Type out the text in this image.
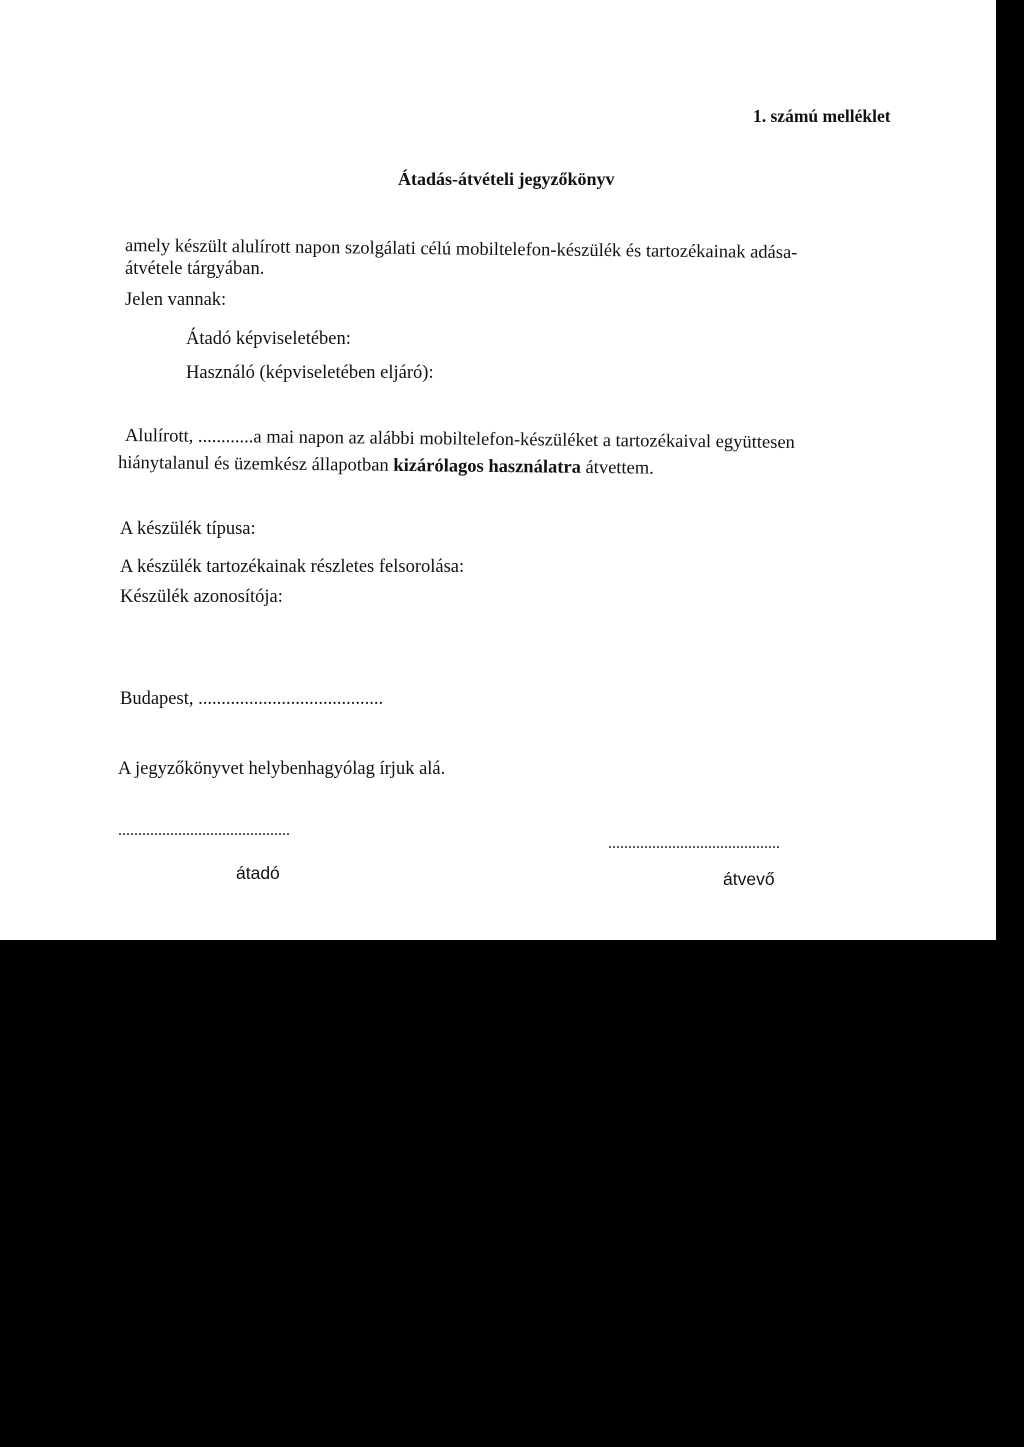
1. számú melléklet

Átadás-átvételi jegyzőkönyv

amely készült alulírott napon szolgálati célú mobiltelefon-készülék és tartozékainak adása-

átvétele tárgyában.

Jelen vannak:

Átadó képviseletében:

Használó (képviseletében eljáró):

Alulírott, ............a mai napon az alábbi mobiltelefon-készüléket a tartozékaival együttesen

hiánytalanul és üzemkész állapotban kizárólagos használatra átvettem.

A készülék típusa:

A készülék tartozékainak részletes felsorolása:

Készülék azonosítója:

Budapest, ........................................

A jegyzőkönyvet helybenhagyólag írjuk alá.

...........................................

...........................................

átadó	átvevő
